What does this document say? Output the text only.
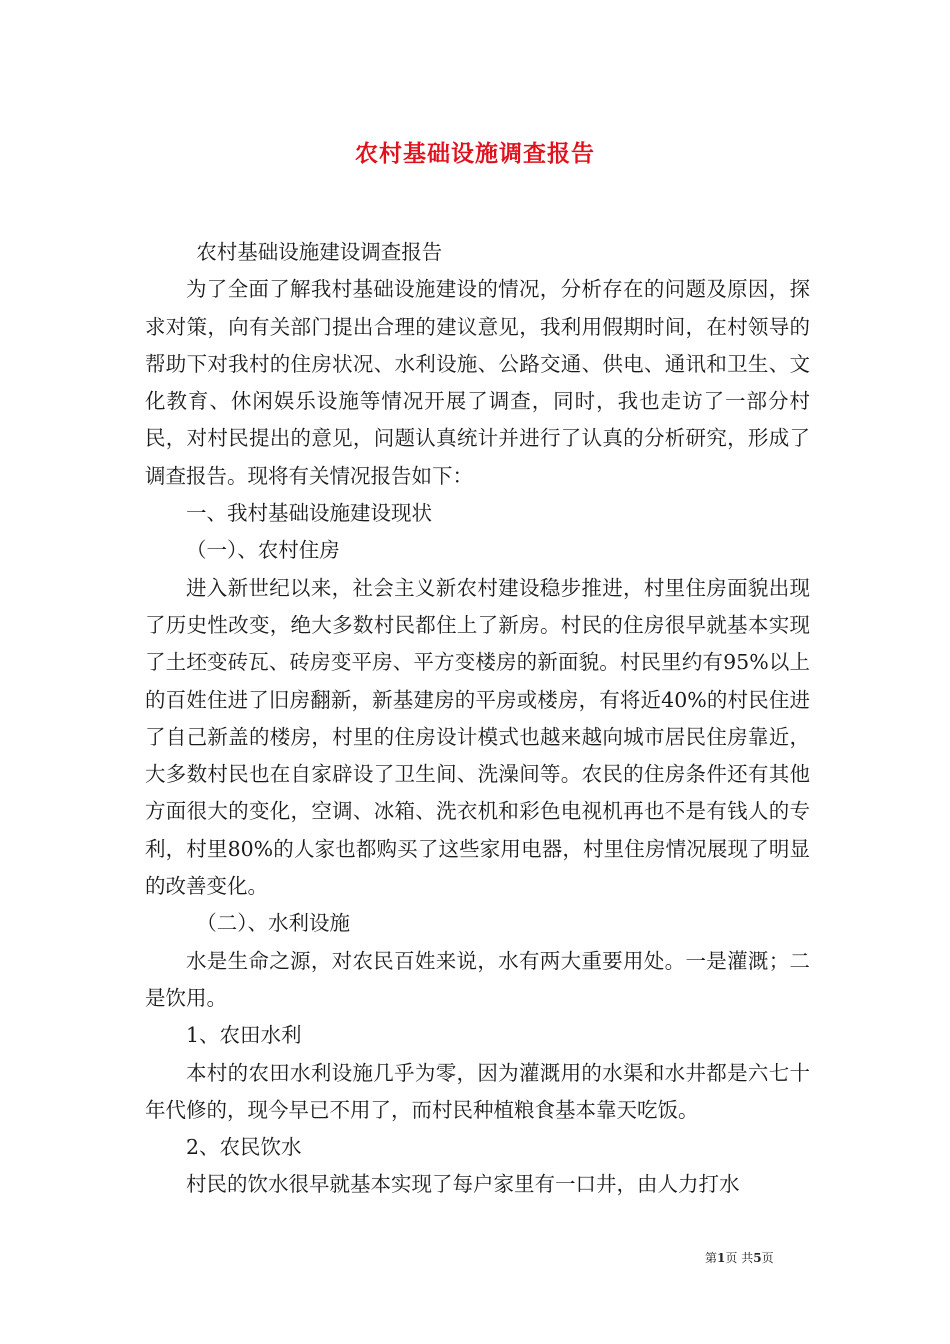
农村基础设施调查报告

农村基础设施建设调查报告

为了全面了解我村基础设施建设的情况，分析存在的问题及原因，探求对策，向有关部门提出合理的建议意见，我利用假期时间，在村领导的帮助下对我村的住房状况、水利设施、公路交通、供电、通讯和卫生、文化教育、休闲娱乐设施等情况开展了调查，同时，我也走访了一部分村民，对村民提出的意见，问题认真统计并进行了认真的分析研究，形成了调查报告。现将有关情况报告如下：

一、我村基础设施建设现状

（一）、农村住房

进入新世纪以来，社会主义新农村建设稳步推进，村里住房面貌出现了历史性改变，绝大多数村民都住上了新房。村民的住房很早就基本实现了土坯变砖瓦、砖房变平房、平方变楼房的新面貌。村民里约有95%以上的百姓住进了旧房翻新，新基建房的平房或楼房，有将近40%的村民住进了自己新盖的楼房，村里的住房设计模式也越来越向城市居民住房靠近，大多数村民也在自家辟设了卫生间、洗澡间等。农民的住房条件还有其他方面很大的变化，空调、冰箱、洗衣机和彩色电视机再也不是有钱人的专利，村里80%的人家也都购买了这些家用电器，村里住房情况展现了明显的改善变化。

（二）、水利设施

水是生命之源，对农民百姓来说，水有两大重要用处。一是灌溉；二是饮用。

1、农田水利

本村的农田水利设施几乎为零，因为灌溉用的水渠和水井都是六七十年代修的，现今早已不用了，而村民种植粮食基本靠天吃饭。

2、农民饮水

村民的饮水很早就基本实现了每户家里有一口井，由人力打水

第1页 共5页
